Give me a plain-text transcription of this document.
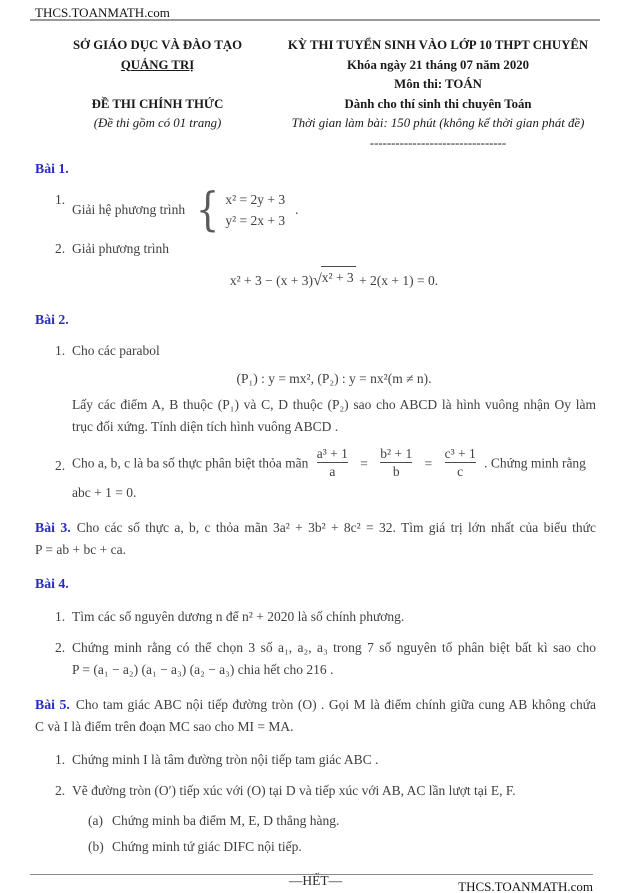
THCS.TOANMATH.com
SỞ GIÁO DỤC VÀ ĐÀO TẠO
QUẢNG TRỊ
ĐỀ THI CHÍNH THỨC
(Đề thi gồm có 01 trang)
KỲ THI TUYỂN SINH VÀO LỚP 10 THPT CHUYÊN
Khóa ngày 21 tháng 07 năm 2020
Môn thi: TOÁN
Dành cho thí sinh thi chuyên Toán
Thời gian làm bài: 150 phút (không kể thời gian phát đề)
--------------------------------
Bài 1.
1.
Giải hệ phương trình { x² = 2y + 3
y² = 2x + 3
.
2. Giải phương trình
x² + 3 − (x + 3) √ x² + 3 + 2(x + 1) = 0.
Bài 2.
1. Cho các parabol
(P₁) : y = mx², (P₂) : y = nx²(m ≠ n).
Lấy các điểm A, B thuộc (P₁) và C, D thuộc (P₂) sao cho ABCD là hình vuông nhận Oy làm
trục đối xứng. Tính diện tích hình vuông ABCD .
2. Cho a, b, c là ba số thực phân biệt thỏa mãn $\frac{\text{a³ + 1}}{a} = \frac{\text{b² + 1}}{b} = \frac{\text{c³ + 1}}{c}$ . Chứng minh rằng
abc + 1 = 0.
Bài 3. Cho các số thực a, b, c thỏa mãn 3a² + 3b² + 8c² = 32. Tìm giá trị lớn nhất của biểu thức
P = ab + bc + ca.
Bài 4.
1. Tìm các số nguyên dương n để n² + 2020 là số chính phương.
2. Chứng minh rằng có thể chọn 3 số a₁, a₂, a₃ trong 7 số nguyên tố phân biệt bất kì sao cho
P = (a₁ − a₂) (a₁ − a₃) (a₂ − a₃) chia hết cho 216 .
Bài 5. Cho tam giác ABC nội tiếp đường tròn (O) . Gọi M là điểm chính giữa cung AB không chứa
C và I là điểm trên đoạn MC sao cho MI = MA.
1. Chứng minh I là tâm đường tròn nội tiếp tam giác ABC .
2. Vẽ đường tròn (O′) tiếp xúc với (O) tại D và tiếp xúc với AB, AC lần lượt tại E, F.
(a) Chứng minh ba điểm M, E, D thẳng hàng.
(b) Chứng minh tứ giác DIFC nội tiếp.
—HẾT—	THCS.TOANMATH.com
